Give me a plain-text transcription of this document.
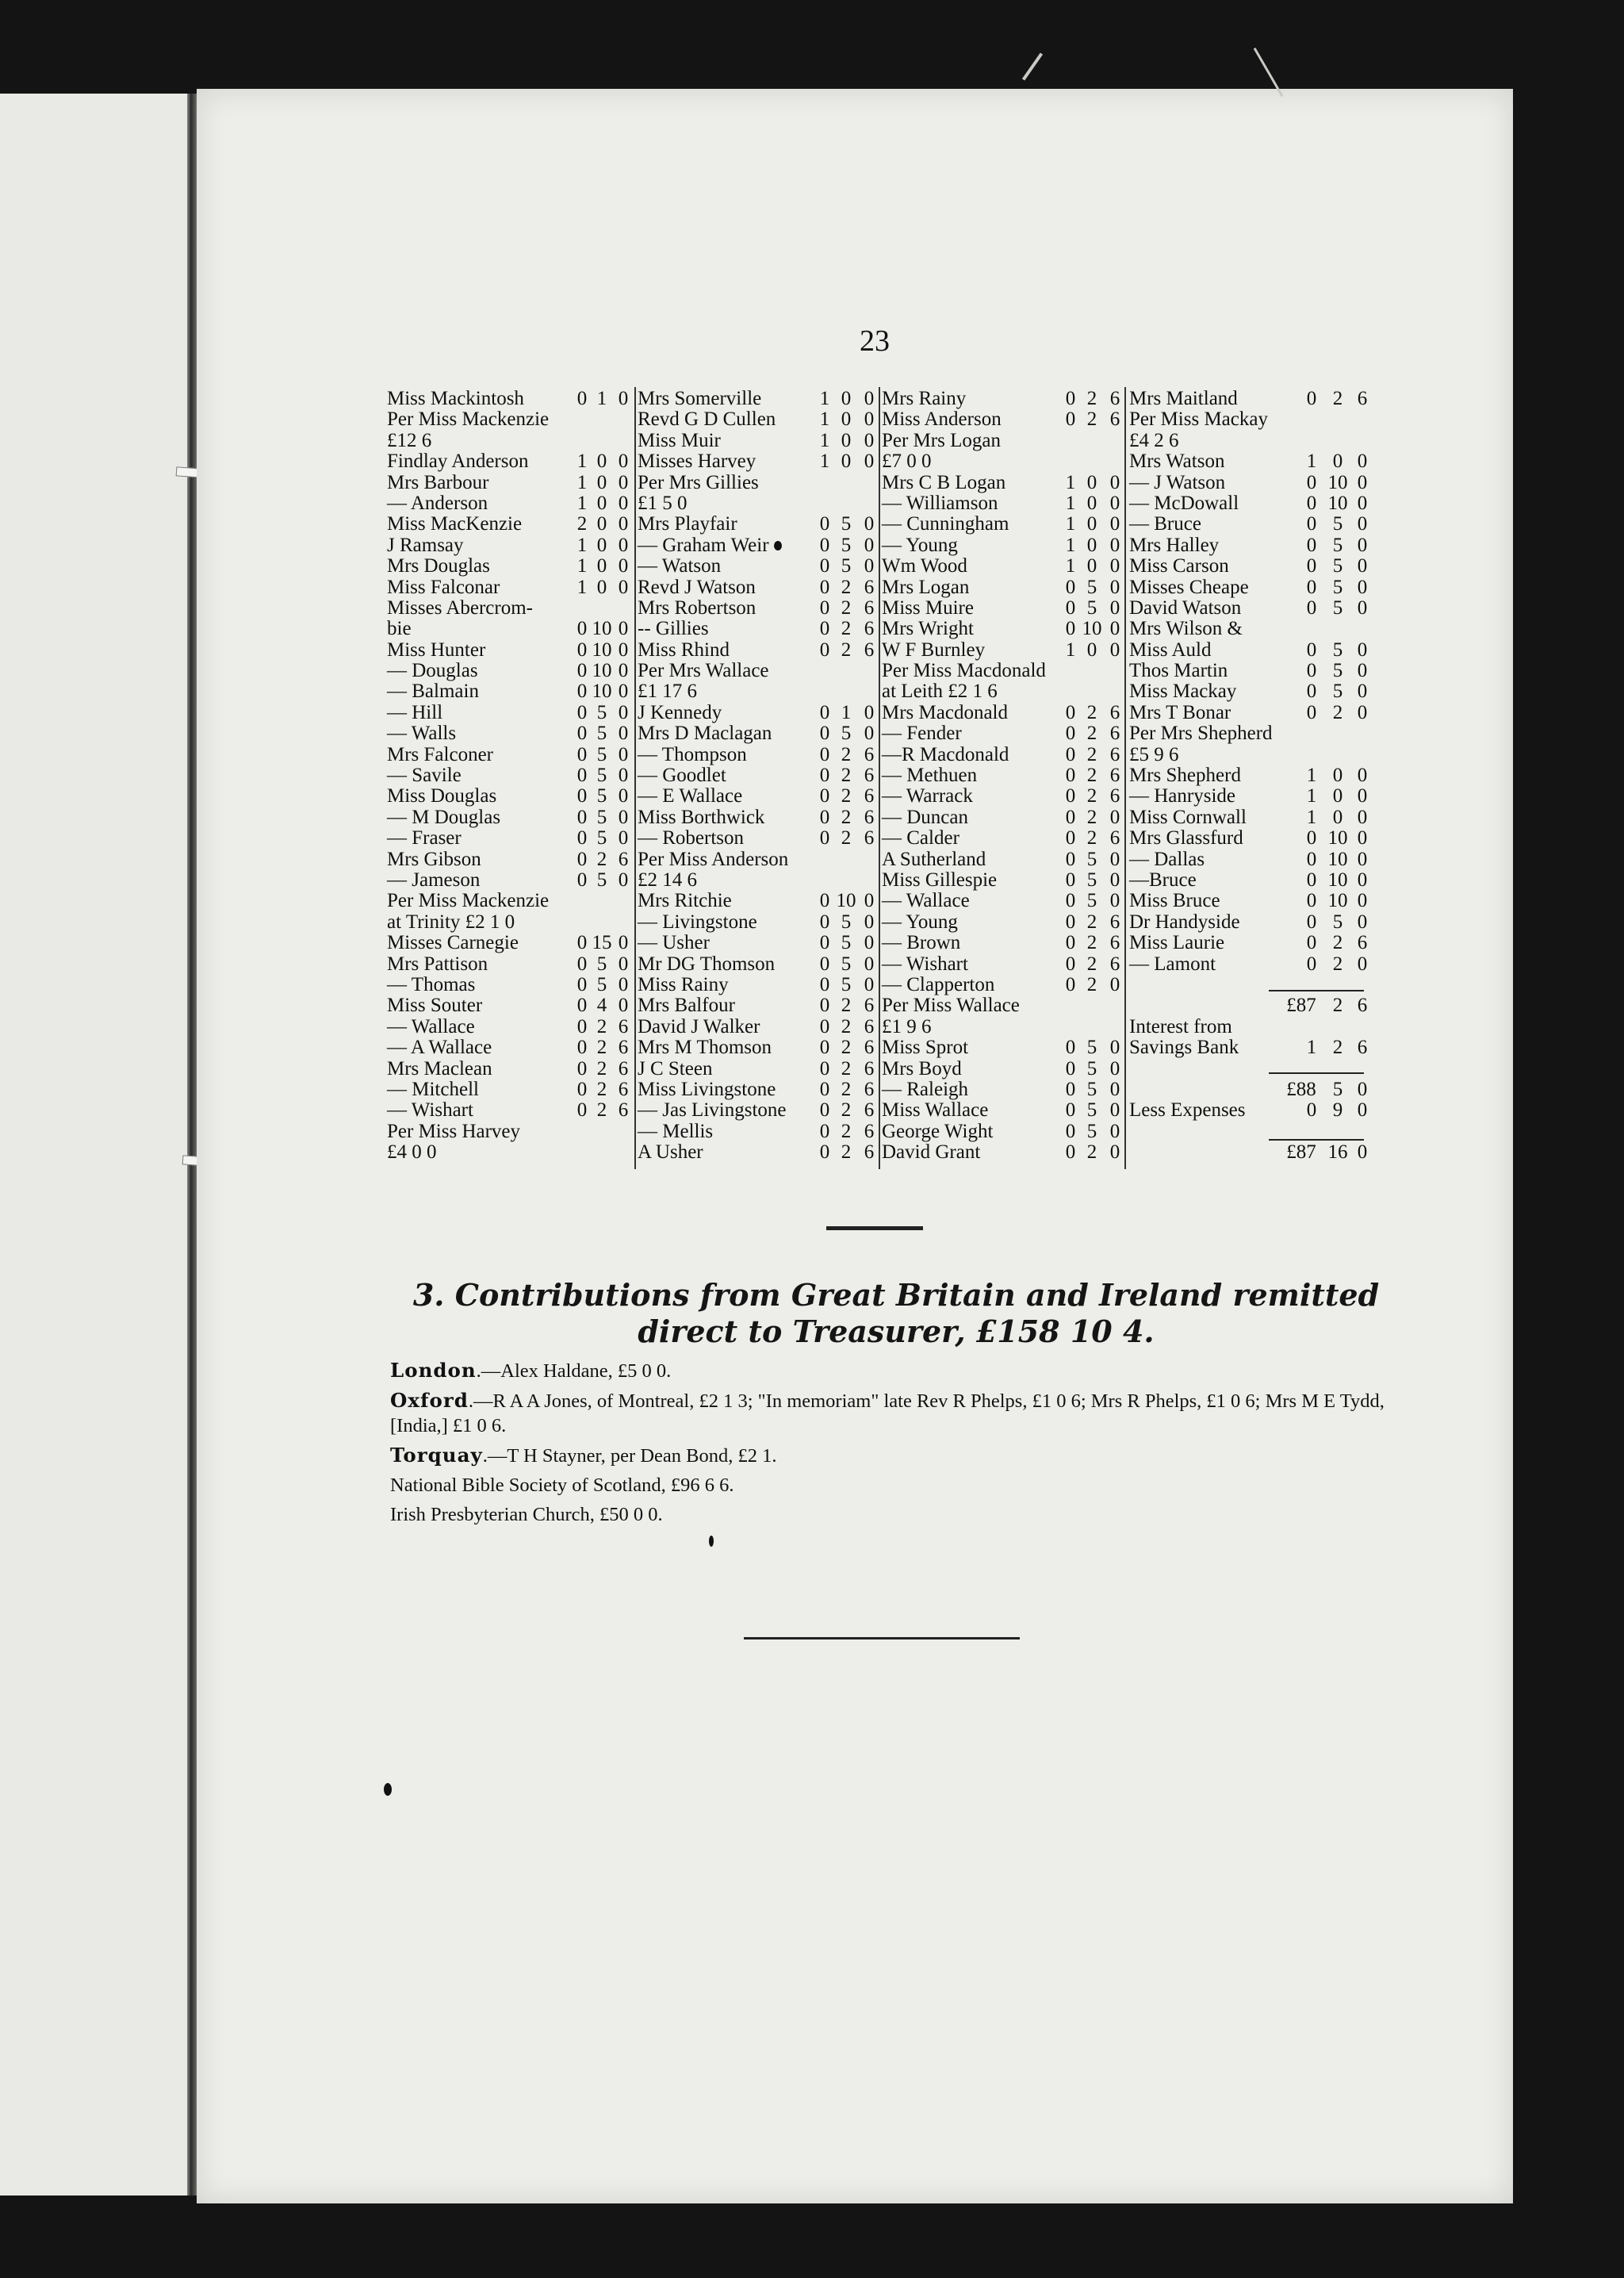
23
Miss Mackintosh	0 1 0
Per Miss Mackenzie
£12 6
Findlay Anderson 1 0 0
Mrs Barbour	1 0 0
— Anderson	1 0 0
Miss MacKenzie	2 0 0
J Ramsay	1 0 0
Mrs Douglas	1 0 0
Miss Falconar	1 0 0
Misses Abercrom-
bie	0 10 0
Miss Hunter	0 10 0
— Douglas	0 10 0
— Balmain	0 10 0
— Hill	0 5 0
— Walls	0 5 0
Mrs Falconer	0 5 0
— Savile	0 5 0
Miss Douglas	0 5 0
— M Douglas	0 5 0
— Fraser	0 5 0
Mrs Gibson	0 2 6
— Jameson	0 5 0
Per Miss Mackenzie
at Trinity £2 1 0
Misses Carnegie	0 15 0
Mrs Pattison	0 5 0
— Thomas	0 5 0
Miss Souter	0 4 0
— Wallace	0 2 6
— A Wallace	0 2 6
Mrs Maclean	0 2 6
— Mitchell	0 2 6
— Wishart	0 2 6
Per Miss Harvey
£4 0 0
Mrs Somerville	1 0 0
Revd G D Cullen 1 0 0
Miss Muir	1 0 0
Misses Harvey	1 0 0
Per Mrs Gillies
£1 5 0
Mrs Playfair	0 5 0
— Graham Weir	0 5 0
— Watson	0 5 0
Revd J Watson	0 2 6
Mrs Robertson	0 2 6
-- Gillies	0 2 6
Miss Rhind	0 2 6
Per Mrs Wallace
£1 17 6
J Kennedy	0 1 0
Mrs D Maclagan 0 5 0
— Thompson	0 2 6
— Goodlet	0 2 6
— E Wallace	0 2 6
Miss Borthwick	0 2 6
— Robertson	0 2 6
Per Miss Anderson
£2 14 6
Mrs Ritchie	0 10 0
— Livingstone	0 5 0
— Usher	0 5 0
Mr DG Thomson 0 5 0
Miss Rainy	0 5 0
Mrs Balfour	0 2 6
David J Walker	0 2 6
Mrs M Thomson 0 2 6
J C Steen	0 2 6
Miss Livingstone 0 2 6
— Jas Livingstone 0 2 6
— Mellis	0 2 6
A Usher	0 2 6
Mrs Rainy	0 2 6
Miss Anderson	0 2 6
Per Mrs Logan
£7 0 0
Mrs C B Logan	1 0 0
— Williamson	1 0 0
— Cunningham	1 0 0
— Young	1 0 0
Wm Wood	1 0 0
Mrs Logan	0 5 0
Miss Muire	0 5 0
Mrs Wright	0 10 0
W F Burnley	1 0 0
Per Miss Macdonald
at Leith £2 1 6
Mrs Macdonald	0 2 6
— Fender	0 2 6
—R Macdonald	0 2 6
— Methuen	0 2 6
— Warrack	0 2 6
— Duncan	0 2 0
— Calder	0 2 6
A Sutherland	0 5 0
Miss Gillespie	0 5 0
— Wallace	0 5 0
— Young	0 2 6
— Brown	0 2 6
— Wishart	0 2 6
— Clapperton	0 2 0
Per Miss Wallace
£1 9 6
Miss Sprot	0 5 0
Mrs Boyd	0 5 0
— Raleigh	0 5 0
Miss Wallace	0 5 0
George Wight	0 5 0
David Grant	0 2 0
Mrs Maitland	0 2 6
Per Miss Mackay
£4 2 6
Mrs Watson	1 0 0
— J Watson	0 10 0
— McDowall	0 10 0
— Bruce	0 5 0
Mrs Halley	0 5 0
Miss Carson	0 5 0
Misses Cheape	0 5 0
David Watson	0 5 0
Mrs Wilson &
Miss Auld	0 5 0
Thos Martin	0 5 0
Miss Mackay	0 5 0
Mrs T Bonar	0 2 0
Per Mrs Shepherd
£5 9 6
Mrs Shepherd	1 0 0
— Hanryside	1 0 0
Miss Cornwall	1 0 0
Mrs Glassfurd	0 10 0
— Dallas	0 10 0
—Bruce	0 10 0
Miss Bruce	0 10 0
Dr Handyside	0 5 0
Miss Laurie	0 2 6
— Lamont	0 2 0
£87 2 6
Interest from
Savings Bank	1 2 6
£88 5 0
Less Expenses	0 9 0
£87 16 0
3. Contributions from Great Britain and Ireland remitted
direct to Treasurer, £158 10 4.

London.—Alex Haldane, £5 0 0.

Oxford.—R A A Jones, of Montreal, £2 1 3; "In memoriam" late Rev R Phelps, £1 0 6; Mrs R Phelps, £1 0 6; Mrs M E Tydd, [India,] £1 0 6.

Torquay.—T H Stayner, per Dean Bond, £2 1.

National Bible Society of Scotland, £96 6 6.

Irish Presbyterian Church, £50 0 0.
